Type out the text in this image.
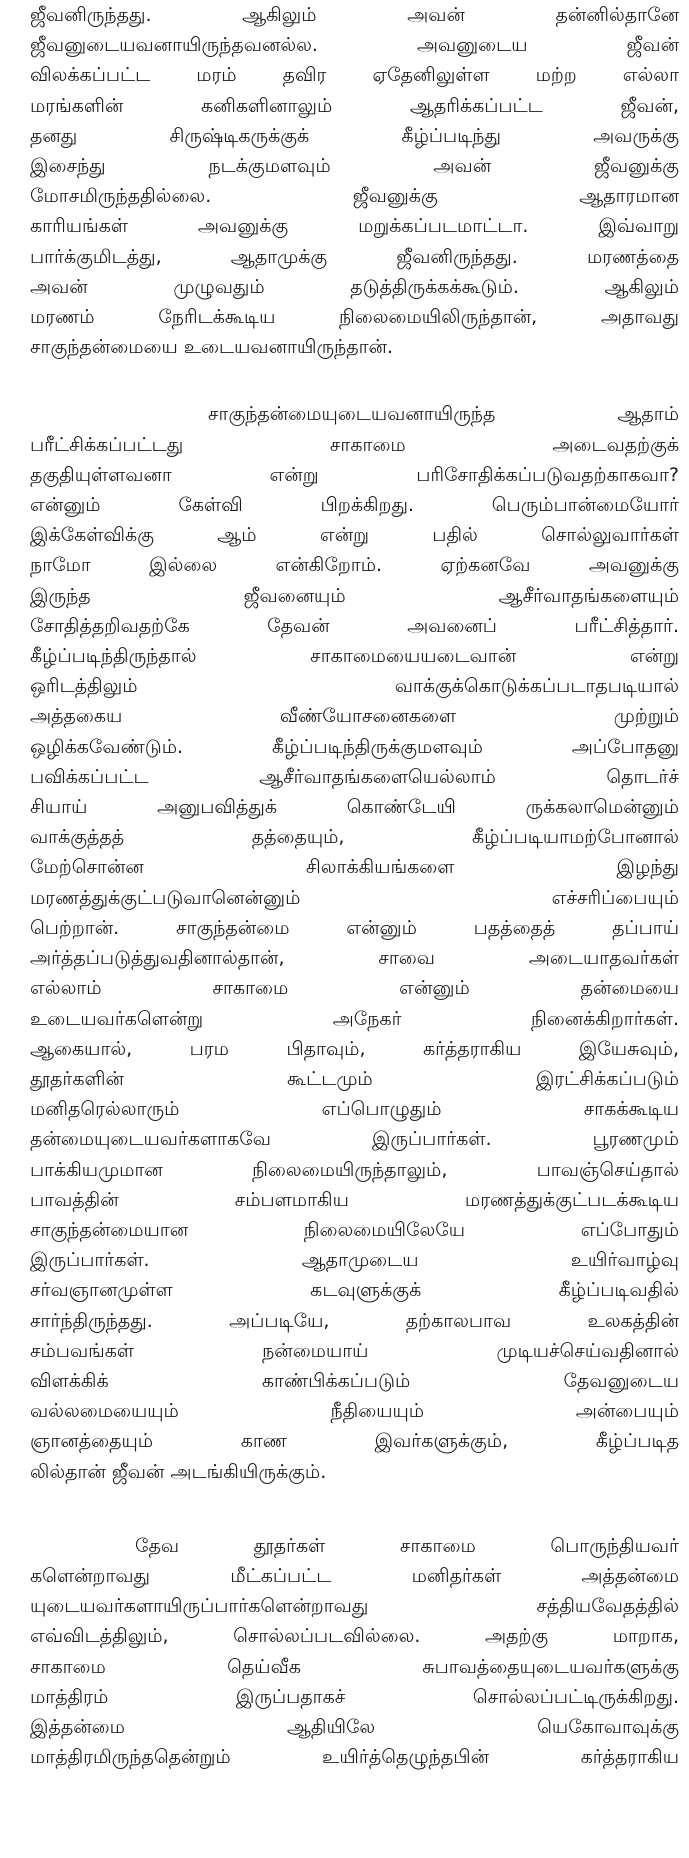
ஜீவனிருந்தது. ஆகிலும் அவன் தன்னில்தானே
ஜீவனுடையவனாயிருந்தவனல்ல. அவனுடைய ஜீவன்
விலக்கப்பட்ட மரம் தவிர ஏதேனிலுள்ள மற்ற எல்லா
மரங்களின் கனிகளினாலும் ஆதரிக்கப்பட்ட ஜீவன்,
தனது சிருஷ்டிகருக்குக் கீழ்ப்படிந்து அவருக்கு
இசைந்து நடக்குமளவும் அவன் ஜீவனுக்கு
மோசமிருந்ததில்லை. ஜீவனுக்கு ஆதாரமான
காரியங்கள் அவனுக்கு மறுக்கப்படமாட்டா. இவ்வாறு
பார்க்குமிடத்து, ஆதாமுக்கு ஜீவனிருந்தது. மரணத்தை
அவன் முழுவதும் தடுத்திருக்கக்கூடும். ஆகிலும்
மரணம் நேரிடக்கூடிய நிலைமையிலிருந்தான், அதாவது
சாகுந்தன்மையை உடையவனாயிருந்தான்.
சாகுந்தன்மையுடையவனாயிருந்த ஆதாம்
பரீட்சிக்கப்பட்டது சாகாமை அடைவதற்குக்
தகுதியுள்ளவனா என்று பரிசோதிக்கப்படுவதற்காகவா?
என்னும் கேள்வி பிறக்கிறது. பெரும்பான்மையோர்
இக்கேள்விக்கு ஆம் என்று பதில் சொல்லுவார்கள்
நாமோ இல்லை என்கிறோம். ஏற்கனவே அவனுக்கு
இருந்த ஜீவனையும் ஆசீர்வாதங்களையும்
சோதித்தறிவதற்கே தேவன் அவனைப் பரீட்சித்தார்.
கீழ்ப்படிந்திருந்தால் சாகாமையையடைவான் என்று
ஒரிடத்திலும் வாக்குக்கொடுக்கப்படாதபடியால்
அத்தகைய வீண்யோசனைகளை முற்றும்
ஒழிக்கவேண்டும். கீழ்ப்படிந்திருக்குமளவும் அப்போதனு
பவிக்கப்பட்ட ஆசீர்வாதங்களையெல்லாம் தொடர்ச்
சியாய் அனுபவித்துக் கொண்டேயி ருக்கலாமென்னும்
வாக்குத்தத் தத்தையும், கீழ்ப்படியாமற்போனால்
மேற்சொன்ன சிலாக்கியங்களை இழந்து
மரணத்துக்குட்படுவானென்னும் எச்சரிப்பையும்
பெற்றான். சாகுந்தன்மை என்னும் பதத்தைத் தப்பாய்
அர்த்தப்படுத்துவதினால்தான், சாவை அடையாதவர்கள்
எல்லாம் சாகாமை என்னும் தன்மையை
உடையவர்களென்று அநேகர் நினைக்கிறார்கள்.
ஆகையால், பரம பிதாவும், கர்த்தராகிய இயேசுவும்,
தூதர்களின் கூட்டமும் இரட்சிக்கப்படும்
மனிதரெல்லாரும் எப்பொழுதும் சாகக்கூடிய
தன்மையுடையவர்களாகவே இருப்பார்கள். பூரணமும்
பாக்கியமுமான நிலைமையிருந்தாலும், பாவஞ்செய்தால்
பாவத்தின் சம்பளமாகிய மரணத்துக்குட்படக்கூடிய
சாகுந்தன்மையான நிலைமையிலேயே எப்போதும்
இருப்பார்கள். ஆதாமுடைய உயிர்வாழ்வு
சர்வஞானமுள்ள கடவுளுக்குக் கீழ்ப்படிவதில்
சார்ந்திருந்தது. அப்படியே, தற்காலபாவ உலகத்தின்
சம்பவங்கள் நன்மையாய் முடியச்செய்வதினால்
விளக்கிக் காண்பிக்கப்படும் தேவனுடைய
வல்லமையையும் நீதியையும் அன்பையும்
ஞானத்தையும் காண இவர்களுக்கும், கீழ்ப்படித
லில்தான் ஜீவன் அடங்கியிருக்கும்.
தேவ தூதர்கள் சாகாமை பொருந்தியவர்
களென்றாவது மீட்கப்பட்ட மனிதர்கள் அத்தன்மை
யுடையவர்களாயிருப்பார்களென்றாவது சத்தியவேதத்தில்
எவ்விடத்திலும், சொல்லப்படவில்லை. அதற்கு மாறாக,
சாகாமை தெய்வீக சுபாவத்தையுடையவர்களுக்கு
மாத்திரம் இருப்பதாகச் சொல்லப்பட்டிருக்கிறது.
இத்தன்மை ஆதியிலே யெகோவாவுக்கு
மாத்திரமிருந்ததென்றும் உயிர்த்தெழுந்தபின் கர்த்தராகிய
